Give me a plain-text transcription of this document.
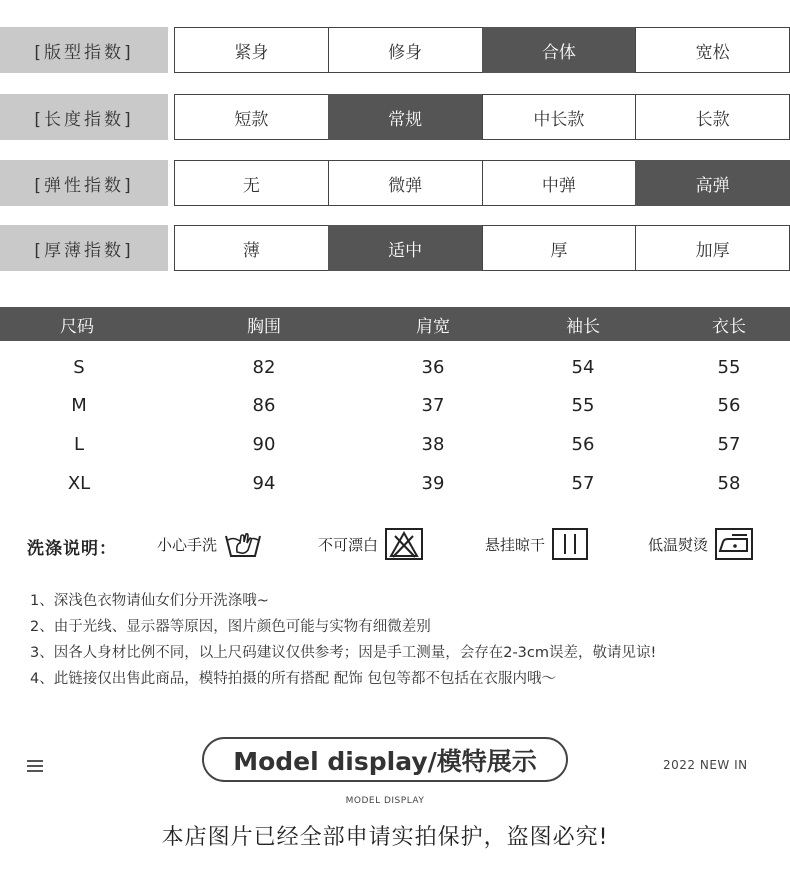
[版型指数]	紧身	修身	合体	宽松
[长度指数]	短款	常规	中长款	长款
[弹性指数]	无	微弹	中弹	高弹
[厚薄指数]	薄	适中	厚	加厚
尺码	胸围	肩宽	袖长	衣长
S	82	36	54	55
M	86	37	55	56
L	90	38	56	57
XL	94	39	57	58
洗涤说明：	小心手洗	不可漂白	悬挂晾干	低温熨烫
1、深浅色衣物请仙女们分开洗涤哦~
2、由于光线、显示器等原因，图片颜色可能与实物有细微差别
3、因各人身材比例不同，以上尺码建议仅供参考；因是手工测量，会存在2-3cm误差，敬请见谅!
4、此链接仅出售此商品，模特拍摄的所有搭配 配饰 包包等都不包括在衣服内哦～
Model display/模特展示	2022 NEW IN
MODEL DISPLAY
本店图片已经全部申请实拍保护，盗图必究!
